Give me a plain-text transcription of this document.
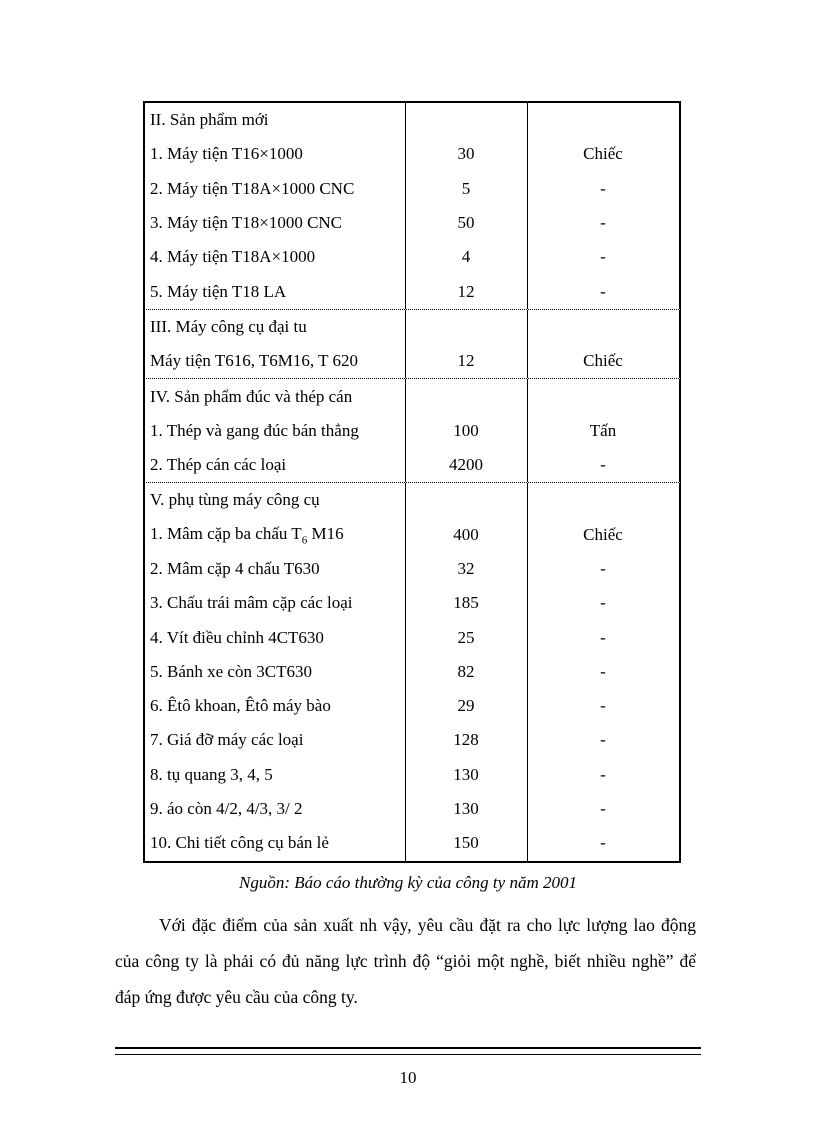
II. Sản phẩm mới
1. Máy tiện T16×1000	30	Chiếc
2. Máy tiện T18A×1000 CNC	5	-
3. Máy tiện T18×1000 CNC	50	-
4. Máy tiện T18A×1000	4	-
5. Máy tiện T18 LA	12	-
III. Máy công cụ đại tu
Máy tiện T616, T6M16, T 620	12	Chiếc
IV. Sản phẩm đúc và thép cán
1. Thép và gang đúc bán thẳng	100	Tấn
2. Thép cán các loại	4200	-
V. phụ tùng máy công cụ
1. Mâm cặp ba chấu $T_6$ M16	400	Chiếc
2. Mâm cặp 4 chấu T630	32	-
3. Chấu trái mâm cặp các loại	185	-
4. Vít điều chỉnh 4CT630	25	-
5. Bánh xe còn 3CT630	82	-
6. Êtô khoan, Êtô máy bào	29	-
7. Giá đỡ máy các loại	128	-
8. tụ quang 3, 4, 5	130	-
9. áo còn 4/2, 4/3, 3/ 2	130	-
10. Chi tiết công cụ bán lẻ	150	-
Nguồn: Báo cáo thường kỳ của công ty năm 2001
Với đặc điểm của sản xuất nh vậy, yêu cầu đặt ra cho lực lượng lao động của công ty là phải có đủ năng lực trình độ “giỏi một nghề, biết nhiều nghề” để đáp ứng được yêu cầu của công ty.
10
